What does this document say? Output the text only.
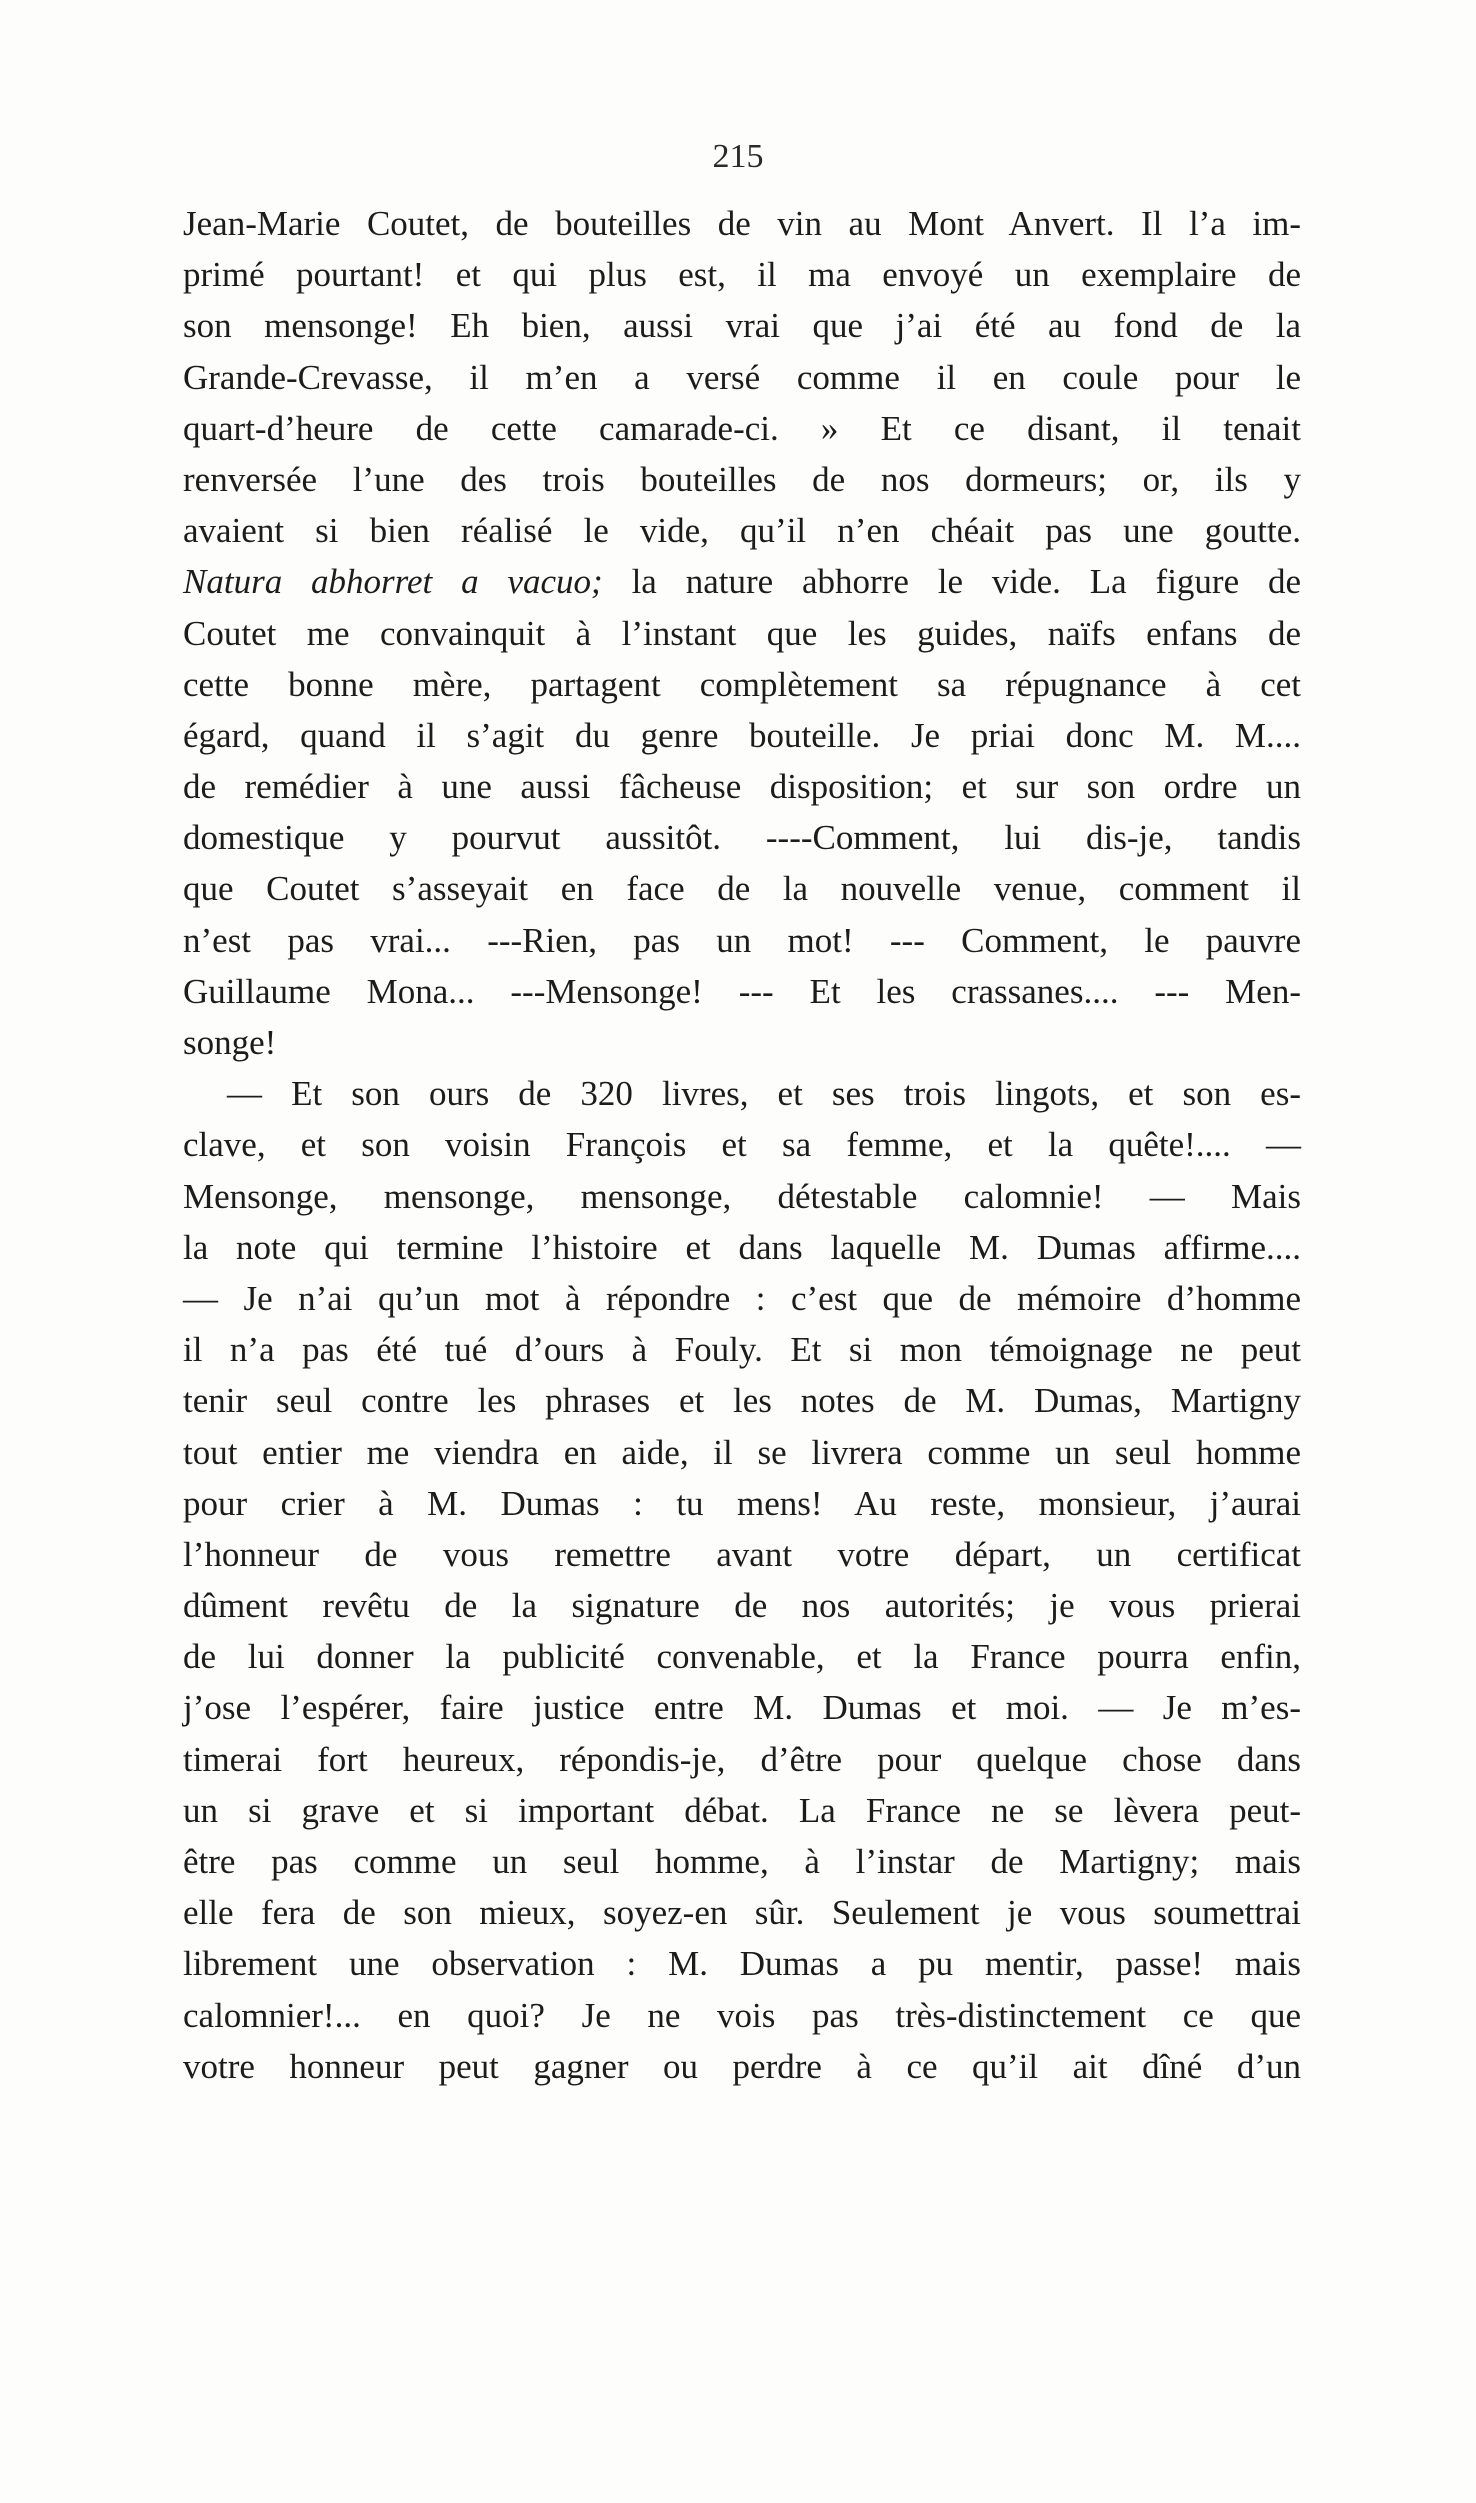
215
Jean-Marie Coutet, de bouteilles de vin au Mont Anvert. Il l’a im-
primé pourtant! et qui plus est, il ma envoyé un exemplaire de
son mensonge! Eh bien, aussi vrai que j’ai été au fond de la
Grande-Crevasse, il m’en a versé comme il en coule pour le
quart-d’heure de cette camarade-ci. » Et ce disant, il tenait
renversée l’une des trois bouteilles de nos dormeurs; or, ils y
avaient si bien réalisé le vide, qu’il n’en chéait pas une goutte.
Natura abhorret a vacuo; la nature abhorre le vide. La figure de
Coutet me convainquit à l’instant que les guides, naïfs enfans de
cette bonne mère, partagent complètement sa répugnance à cet
égard, quand il s’agit du genre bouteille. Je priai donc M. M....
de remédier à une aussi fâcheuse disposition; et sur son ordre un
domestique y pourvut aussitôt. ----Comment, lui dis-je, tandis
que Coutet s’asseyait en face de la nouvelle venue, comment il
n’est pas vrai... ---Rien, pas un mot! --- Comment, le pauvre
Guillaume Mona... ---Mensonge! --- Et les crassanes.... --- Men-
songe!
— Et son ours de 320 livres, et ses trois lingots, et son es-
clave, et son voisin François et sa femme, et la quête!.... —
Mensonge, mensonge, mensonge, détestable calomnie! — Mais
la note qui termine l’histoire et dans laquelle M. Dumas affirme....
— Je n’ai qu’un mot à répondre : c’est que de mémoire d’homme
il n’a pas été tué d’ours à Fouly. Et si mon témoignage ne peut
tenir seul contre les phrases et les notes de M. Dumas, Martigny
tout entier me viendra en aide, il se livrera comme un seul homme
pour crier à M. Dumas : tu mens! Au reste, monsieur, j’aurai
l’honneur de vous remettre avant votre départ, un certificat
dûment revêtu de la signature de nos autorités; je vous prierai
de lui donner la publicité convenable, et la France pourra enfin,
j’ose l’espérer, faire justice entre M. Dumas et moi. — Je m’es-
timerai fort heureux, répondis-je, d’être pour quelque chose dans
un si grave et si important débat. La France ne se lèvera peut-
être pas comme un seul homme, à l’instar de Martigny; mais
elle fera de son mieux, soyez-en sûr. Seulement je vous soumettrai
librement une observation : M. Dumas a pu mentir, passe! mais
calomnier!... en quoi? Je ne vois pas très-distinctement ce que
votre honneur peut gagner ou perdre à ce qu’il ait dîné d’un
